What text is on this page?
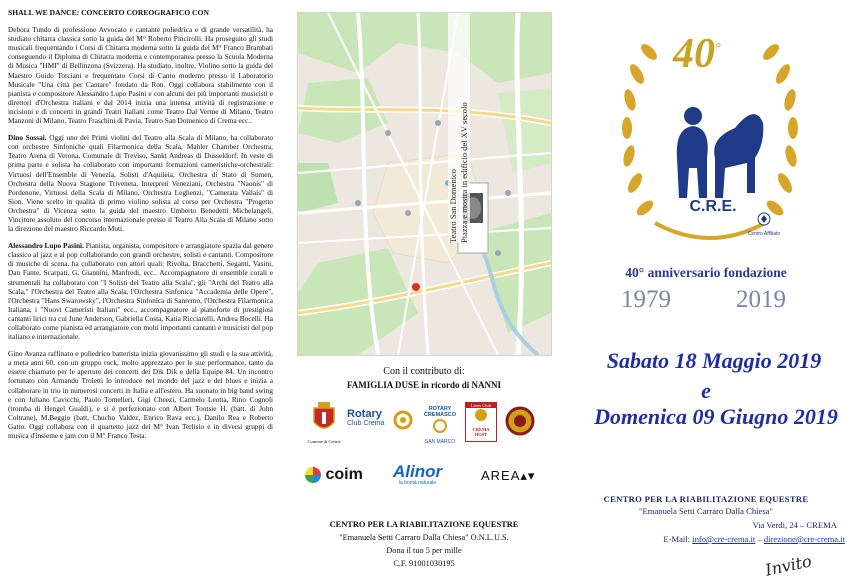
SHALL WE DANCE: CONCERTO COREOGRAFICO CON

Debora Tundo di professione Avvocato e cantante poliedrica e di grande versatilità, ha studiato chitarra classica sotto la guida del M° Roberto Pincirolli. Ha proseguito gli studi musicali frequentando i Corsi di Chitarra moderna sotto la guida del M° Franco Brambati conseguendo il Diploma di Chitarra moderna e contemporanea presso la Scuola Moderna di Musica "HMI" di Bellinzona (Svizzera). Ha studiato, inoltre, Violino sotto la guida del Maestro Guido Torciani e frequentato Corsi di Canto moderno presso il Laboratorio Musicale "Una città per Cantare" fondato da Ron. Oggi collabora stabilmente con il pianista e compositore Alessandro Lupo Pasini e con alcuni dei più importanti musicisti e direttori d'Orchestra italiani e dal 2014 inizia una intensa attività di registrazione e incisioni e di concerti in grandi Teatri Italiani come Teatro Dal Verme di Milano, Teatro Manzoni di Milano, Teatro Fraschini di Pavia, Teatro San Domenico di Crema ecc..

Dino Sossai. Oggi uno dei Primi violini del Teatro alla Scala di Milano, ha collaborato con orchestre Sinfoniche quali Filarmonica della Scala, Mahler Chamber Orchestra, Teatro Arena di Verona, Comunale di Treviso, Sankt Andreas di Dusseldorf. In veste di prima parte e solista ha collaborato con importanti formazioni cameristiche-orchestrali: Virtuosi dell'Ensemble di Venezia, Solisti d'Aquileia, Orchestra di Stato di Sumen, Orchestra della Nuova Stagione Triveneta, Interpreti Veneziani, Orchestra "Naonis" di Pordenone, Virtuosi della Scala di Milano, Orchestra Leghenzi, "Camerata Vallais" di Sion. Viene scelto in qualità di primo violino solista al corso per Orchestra "Progetto Orchestra" di Vicenza sotto la guida del maestro Umberto Benedetti Michelangeli. Vincitore assoluto del concorso internazionale presso il Teatro Alla Scala di Milano sotto la direzione del maestro Riccardo Muti.

Alessandro Lupo Pasini. Pianista, organista, compositore e arrangiatore spazia dal genere classico al jazz e al pop collaborando con grandi orchestre, solisti e cantanti. Compositore di musiche di scena, ha collaborato con attori quali: Rivolta, Bracchetti, Seganti, Vasini, Dan Fante, Scarpati, G. Giannini, Manfredi, ecc.. Accompagnatore di ensemble corali e strumentali ha collaborato con "I Solisti del Teatro alla Scala", gli "Archi del Teatro alla Scala," l'Orchestra del Teatro alla Scala, l'Orchestra Sinfonica "Accademia delle Opere", l'Orchestra "Hans Swarowsky", l'Orchestra Sinfonica di Sanremo, l'Orchestra Filarmonica Italiana, i "Nuovi Cameristi Italiani" ecc., accompagnatore al pianoforte di prestigiosi cantanti lirici tra cui June Anderson, Gabriella Costa, Katia Ricciarelli, Andrea Bocelli. Ha collaborato come pianista ed arrangiatore con molti importanti cantanti e musicisti del pop italiano e internazionale.

Gino Avanza raffinato e poliedrico batterista inizia giovanissimo gli studi e la sua attività, a meta anni 60, con un gruppo rock, molto apprezzato per le sue performance, tanto da essere chiamato per le aperture dei concerti dei Dik Dik e della Equipe 84. Un incontro fortunato con Armando Troletti lo introduce nel mondo del jazz e del blues e inizia a collaborare in trio in numerosi concerti in Italia e all'estero. Ha suonato in big band swing e con Juliano Cavicchi, Paolo Tomelleri, Gigi Cheezi, Carmelo Leotta, Rino Cognoli (tromba di Hengel Gualdi), e si è perfezionato con Albert Tootsie H. (batt. di John Coltrane), M.Beggio (batt, Chucho Valdez, Enrico Rava ecc.), Danilo Rea e Roberto Gatto. Oggi collabora con il quartetto jazz del M° Ivan Terlisio e in diversi gruppi di musica d'insieme e jam con il M° Franco Testa.

Teatro San Domenico Piazza e mostra in edificio del XV secolo
Con il contributo di:
FAMIGLIA DUSE in ricordo di NANNI
Comune di Crema
Rotary
Club Crema
ROTARY CREMASCO
SAN MARCO
Lions Club
CREMA HOST
coim Alinor
la bontà naturale	AREA▴▾
CENTRO PER LA RIABILITAZIONE EQUESTRE
"Emanuela Setti Carraro Dalla Chiesa" O.N.L.U.S.
Dona il tuo 5 per mille
C.F. 91001030195
40°
C.R.E.
Centro Affiliato
40° anniversario fondazione
1979	2019
Sabato 18 Maggio 2019
e
Domenica 09 Giugno 2019
CENTRO PER LA RIABILITAZIONE EQUESTRE
"Emanuela Setti Carraro Dalla Chiesa"
Via Verdi, 24 – CREMA
E-Mail: info@cre-crema.it – direzione@cre-crema.it
Invito
